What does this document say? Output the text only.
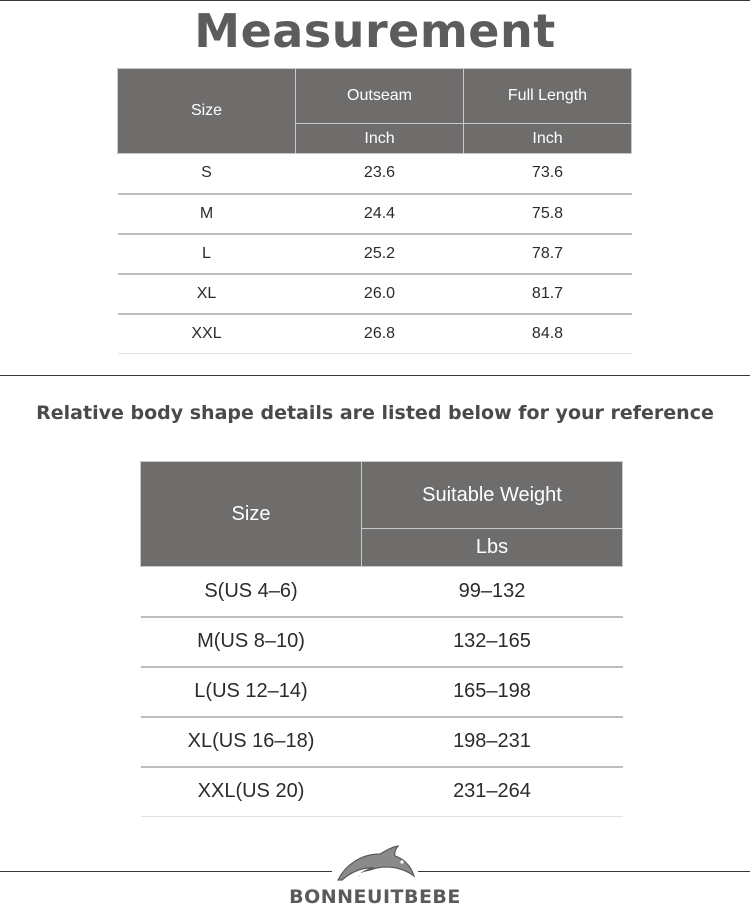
Measurement
Size	Outseam	Full Length
	Inch	Inch
S	23.6	73.6
M	24.4	75.8
L	25.2	78.7
XL	26.0	81.7
XXL	26.8	84.8
Relative body shape details are listed below for your reference
Size	Suitable Weight
	Lbs
S(US 4–6)	99–132
M(US 8–10)	132–165
L(US 12–14)	165–198
XL(US 16–18)	198–231
XXL(US 20)	231–264
BONNEUITBEBE
